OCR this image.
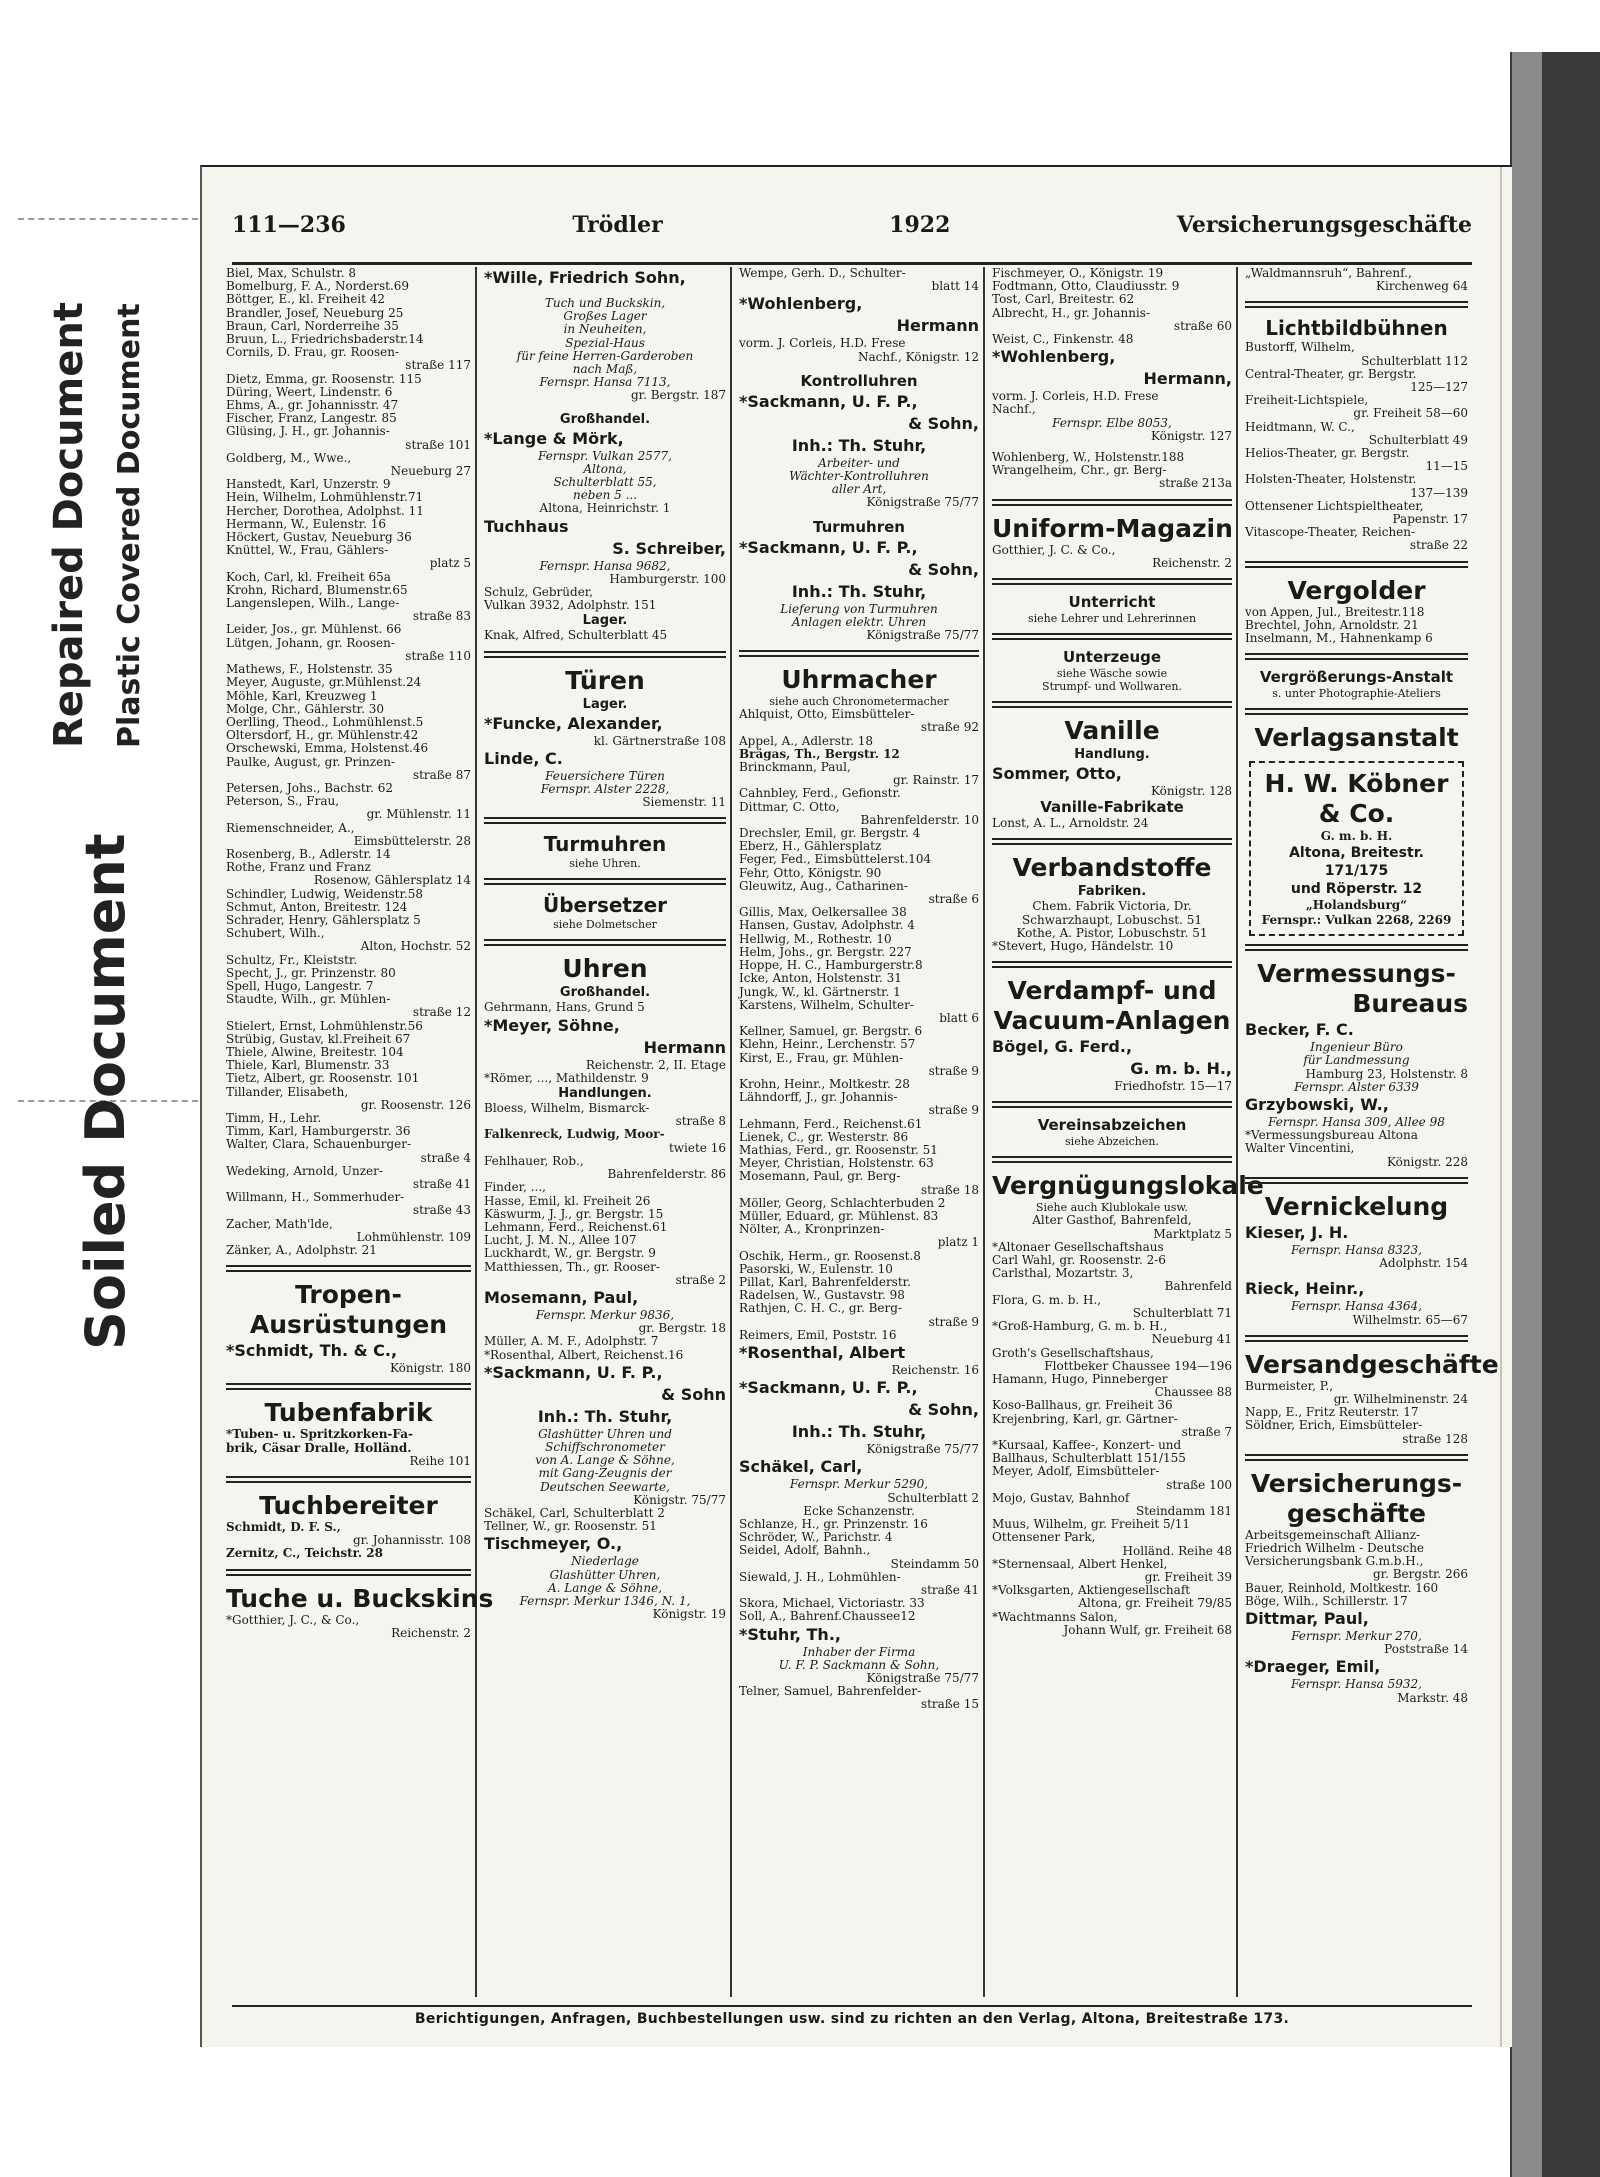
Repaired Document Plastic Covered Document
Soiled Document
111—236	Trödler	1922	Versicherungsgeschäfte
Biel, Max, Schulstr. 8
Bomelburg, F. A., Norderst.69
Böttger, E., kl. Freiheit 42
Brandler, Josef, Neueburg 25
Braun, Carl, Norderreihe 35
Bruun, L., Friedrichsbaderstr.14
Cornils, D. Frau, gr. Roosen-
straße 117
Dietz, Emma, gr. Roosenstr. 115
Düring, Weert, Lindenstr. 6
Ehms, A., gr. Johannisstr. 47
Fischer, Franz, Langestr. 85
Glüsing, J. H., gr. Johannis-
straße 101
Goldberg, M., Wwe.,
Neueburg 27
Hanstedt, Karl, Unzerstr. 9
Hein, Wilhelm, Lohmühlenstr.71
Hercher, Dorothea, Adolphst. 11
Hermann, W., Eulenstr. 16
Höckert, Gustav, Neueburg 36
Knüttel, W., Frau, Gählers-
platz 5
Koch, Carl, kl. Freiheit 65a
Krohn, Richard, Blumenstr.65
Langenslepen, Wilh., Lange-
straße 83
Leider, Jos., gr. Mühlenst. 66
Lütgen, Johann, gr. Roosen-
straße 110
Mathews, F., Holstenstr. 35
Meyer, Auguste, gr.Mühlenst.24
Möhle, Karl, Kreuzweg 1
Molge, Chr., Gählerstr. 30
Oerlling, Theod., Lohmühlenst.5
Oltersdorf, H., gr. Mühlenstr.42
Orschewski, Emma, Holstenst.46
Paulke, August, gr. Prinzen-
straße 87
Petersen, Johs., Bachstr. 62
Peterson, S., Frau,
gr. Mühlenstr. 11
Riemenschneider, A.,
Eimsbüttelerstr. 28
Rosenberg, B., Adlerstr. 14
Rothe, Franz und Franz
Rosenow, Gählersplatz 14
Schindler, Ludwig, Weidenstr.58
Schmut, Anton, Breitestr. 124
Schrader, Henry, Gählersplatz 5
Schubert, Wilh.,
Alton, Hochstr. 52
Schultz, Fr., Kleiststr.
Specht, J., gr. Prinzenstr. 80
Spell, Hugo, Langestr. 7
Staudte, Wilh., gr. Mühlen-
straße 12
Stielert, Ernst, Lohmühlenstr.56
Strübig, Gustav, kl.Freiheit 67
Thiele, Alwine, Breitestr. 104
Thiele, Karl, Blumenstr. 33
Tietz, Albert, gr. Roosenstr. 101
Tillander, Elisabeth,
gr. Roosenstr. 126
Timm, H., Lehr.
Timm, Karl, Hamburgerstr. 36
Walter, Clara, Schauenburger-
straße 4
Wedeking, Arnold, Unzer-
straße 41
Willmann, H., Sommerhuder-
straße 43
Zacher, Math'lde,
Lohmühlenstr. 109
Zänker, A., Adolphstr. 21
Tropen-
Ausrüstungen
*Schmidt, Th. & C.,
Königstr. 180
Tubenfabrik
*Tuben- u. Spritzkorken-Fa-
brik, Cäsar Dralle, Holländ.
Reihe 101
Tuchbereiter
Schmidt, D. F. S.,
gr. Johannisstr. 108
Zernitz, C., Teichstr. 28
Tuche u. Buckskins
*Gotthier, J. C., & Co.,
Reichenstr. 2
*Wille, Friedrich Sohn,
Tuch und Buckskin,
Großes Lager
in Neuheiten,
Spezial-Haus
für feine Herren-Garderoben
nach Maß,
Fernspr. Hansa 7113,
gr. Bergstr. 187
Großhandel.
*Lange & Mörk,
Fernspr. Vulkan 2577,
Altona,
Schulterblatt 55,
neben 5 ...
Altona, Heinrichstr. 1
Tuchhaus
S. Schreiber,
Fernspr. Hansa 9682,
Hamburgerstr. 100
Schulz, Gebrüder,
Vulkan 3932, Adolphstr. 151
Lager.
Knak, Alfred, Schulterblatt 45
Türen
Lager.
*Funcke, Alexander,
kl. Gärtnerstraße 108
Linde, C.
Feuersichere Türen
Fernspr. Alster 2228,
Siemenstr. 11
Turmuhren
siehe Uhren.
Übersetzer
siehe Dolmetscher
Uhren
Großhandel.
Gehrmann, Hans, Grund 5
*Meyer, Söhne,
Hermann
Reichenstr. 2, II. Etage
*Römer, ..., Mathildenstr. 9
Handlungen.
Bloess, Wilhelm, Bismarck-
straße 8
Falkenreck, Ludwig, Moor-
twiete 16
Fehlhauer, Rob.,
Bahrenfelderstr. 86
Finder, ...,
Hasse, Emil, kl. Freiheit 26
Käswurm, J. J., gr. Bergstr. 15
Lehmann, Ferd., Reichenst.61
Lucht, J. M. N., Allee 107
Luckhardt, W., gr. Bergstr. 9
Matthiessen, Th., gr. Rooser-
straße 2
Mosemann, Paul,
Fernspr. Merkur 9836,
gr. Bergstr. 18
Müller, A. M. F., Adolphstr. 7
*Rosenthal, Albert, Reichenst.16
*Sackmann, U. F. P.,
& Sohn
Inh.: Th. Stuhr,
Glashütter Uhren und
Schiffschronometer
von A. Lange & Söhne,
mit Gang-Zeugnis der
Deutschen Seewarte,
Königstr. 75/77
Schäkel, Carl, Schulterblatt 2
Tellner, W., gr. Roosenstr. 51
Tischmeyer, O.,
Niederlage
Glashütter Uhren,
A. Lange & Söhne,
Fernspr. Merkur 1346, N. 1,
Königstr. 19
Wempe, Gerh. D., Schulter-
blatt 14
*Wohlenberg,
Hermann
vorm. J. Corleis, H.D. Frese
Nachf., Königstr. 12
Kontrolluhren
*Sackmann, U. F. P.,
& Sohn,
Inh.: Th. Stuhr,
Arbeiter- und
Wächter-Kontrolluhren
aller Art,
Königstraße 75/77
Turmuhren
*Sackmann, U. F. P.,
& Sohn,
Inh.: Th. Stuhr,
Lieferung von Turmuhren
Anlagen elektr. Uhren
Königstraße 75/77
Uhrmacher
siehe auch Chronometermacher
Ahlquist, Otto, Eimsbütteler-
straße 92
Appel, A., Adlerstr. 18
Brägas, Th., Bergstr. 12
Brinckmann, Paul,
gr. Rainstr. 17
Cahnbley, Ferd., Gefionstr.
Dittmar, C. Otto,
Bahrenfelderstr. 10
Drechsler, Emil, gr. Bergstr. 4
Eberz, H., Gählersplatz
Feger, Fed., Eimsbüttelerst.104
Fehr, Otto, Königstr. 90
Gleuwitz, Aug., Catharinen-
straße 6
Gillis, Max, Oelkersallee 38
Hansen, Gustav, Adolphstr. 4
Hellwig, M., Rothestr. 10
Helm, Johs., gr. Bergstr. 227
Hoppe, H. C., Hamburgerstr.8
Icke, Anton, Holstenstr. 31
Jungk, W., kl. Gärtnerstr. 1
Karstens, Wilhelm, Schulter-
blatt 6
Kellner, Samuel, gr. Bergstr. 6
Klehn, Heinr., Lerchenstr. 57
Kirst, E., Frau, gr. Mühlen-
straße 9
Krohn, Heinr., Moltkestr. 28
Lähndorff, J., gr. Johannis-
straße 9
Lehmann, Ferd., Reichenst.61
Lienek, C., gr. Westerstr. 86
Mathias, Ferd., gr. Roosenstr. 51
Meyer, Christian, Holstenstr. 63
Mosemann, Paul, gr. Berg-
straße 18
Möller, Georg, Schlachterbuden 2
Müller, Eduard, gr. Mühlenst. 83
Nölter, A., Kronprinzen-
platz 1
Oschik, Herm., gr. Roosenst.8
Pasorski, W., Eulenstr. 10
Pillat, Karl, Bahrenfelderstr.
Radelsen, W., Gustavstr. 98
Rathjen, C. H. C., gr. Berg-
straße 9
Reimers, Emil, Poststr. 16
*Rosenthal, Albert
Reichenstr. 16
*Sackmann, U. F. P.,
& Sohn,
Inh.: Th. Stuhr,
Königstraße 75/77
Schäkel, Carl,
Fernspr. Merkur 5290,
Schulterblatt 2
Ecke Schanzenstr.
Schlanze, H., gr. Prinzenstr. 16
Schröder, W., Parichstr. 4
Seidel, Adolf, Bahnh.,
Steindamm 50
Siewald, J. H., Lohmühlen-
straße 41
Skora, Michael, Victoriastr. 33
Soll, A., Bahrenf.Chaussee12
*Stuhr, Th.,
Inhaber der Firma
U. F. P. Sackmann & Sohn,
Königstraße 75/77
Telner, Samuel, Bahrenfelder-
straße 15
Fischmeyer, O., Königstr. 19
Fodtmann, Otto, Claudiusstr. 9
Tost, Carl, Breitestr. 62
Albrecht, H., gr. Johannis-
straße 60
Weist, C., Finkenstr. 48
*Wohlenberg,
Hermann,
vorm. J. Corleis, H.D. Frese
Nachf.,
Fernspr. Elbe 8053,
Königstr. 127
Wohlenberg, W., Holstenstr.188
Wrangelheim, Chr., gr. Berg-
straße 213a
Uniform-Magazin
Gotthier, J. C. & Co.,
Reichenstr. 2
Unterricht
siehe Lehrer und Lehrerinnen
Unterzeuge
siehe Wäsche sowie
Strumpf- und Wollwaren.
Vanille
Handlung.
Sommer, Otto,
Königstr. 128
Vanille-Fabrikate
Lonst, A. L., Arnoldstr. 24
Verbandstoffe
Fabriken.
Chem. Fabrik Victoria, Dr.
Schwarzhaupt, Lobuschst. 51
Kothe, A. Pistor, Lobuschstr. 51
*Stevert, Hugo, Händelstr. 10
Verdampf- und
Vacuum-Anlagen
Bögel, G. Ferd.,
G. m. b. H.,
Friedhofstr. 15—17
Vereinsabzeichen
siehe Abzeichen.
Vergnügungslokale
Siehe auch Klublokale usw.
Alter Gasthof, Bahrenfeld,
Marktplatz 5
*Altonaer Gesellschaftshaus
Carl Wahl, gr. Roosenstr. 2-6
Carlsthal, Mozartstr. 3,
Bahrenfeld
Flora, G. m. b. H.,
Schulterblatt 71
*Groß-Hamburg, G. m. b. H.,
Neueburg 41
Groth's Gesellschaftshaus,
Flottbeker Chaussee 194—196
Hamann, Hugo, Pinneberger
Chaussee 88
Koso-Ballhaus, gr. Freiheit 36
Krejenbring, Karl, gr. Gärtner-
straße 7
*Kursaal, Kaffee-, Konzert- und
Ballhaus, Schulterblatt 151/155
Meyer, Adolf, Eimsbütteler-
straße 100
Mojo, Gustav, Bahnhof
Steindamm 181
Muus, Wilhelm, gr. Freiheit 5/11
Ottensener Park,
Holländ. Reihe 48
*Sternensaal, Albert Henkel,
gr. Freiheit 39
*Volksgarten, Aktiengesellschaft
Altona, gr. Freiheit 79/85
*Wachtmanns Salon,
Johann Wulf, gr. Freiheit 68
„Waldmannsruh“, Bahrenf.,
Kirchenweg 64
Lichtbildbühnen
Bustorff, Wilhelm,
Schulterblatt 112
Central-Theater, gr. Bergstr.
125—127
Freiheit-Lichtspiele,
gr. Freiheit 58—60
Heidtmann, W. C.,
Schulterblatt 49
Helios-Theater, gr. Bergstr.
11—15
Holsten-Theater, Holstenstr.
137—139
Ottensener Lichtspieltheater,
Papenstr. 17
Vitascope-Theater, Reichen-
straße 22
Vergolder
von Appen, Jul., Breitestr.118
Brechtel, John, Arnoldstr. 21
Inselmann, M., Hahnenkamp 6
Vergrößerungs-Anstalt
s. unter Photographie-Ateliers
Verlagsanstalt
H. W. Köbner & Co.
G. m. b. H.
Altona, Breitestr. 171/175
und Röperstr. 12
„Holandsburg“
Fernspr.: Vulkan 2268, 2269
Vermessungs-
Bureaus
Becker, F. C.
Ingenieur Büro
für Landmessung
Hamburg 23, Holstenstr. 8
Fernspr. Alster 6339
Grzybowski, W.,
Fernspr. Hansa 309, Allee 98
*Vermessungsbureau Altona
Walter Vincentini,
Königstr. 228
Vernickelung
Kieser, J. H.
Fernspr. Hansa 8323,
Adolphstr. 154
Rieck, Heinr.,
Fernspr. Hansa 4364,
Wilhelmstr. 65—67
Versandgeschäfte
Burmeister, P.,
gr. Wilhelminenstr. 24
Napp, E., Fritz Reuterstr. 17
Söldner, Erich, Eimsbütteler-
straße 128
Versicherungs-
geschäfte
Arbeitsgemeinschaft Allianz-
Friedrich Wilhelm - Deutsche
Versicherungsbank G.m.b.H.,
gr. Bergstr. 266
Bauer, Reinhold, Moltkestr. 160
Böge, Wilh., Schillerstr. 17
Dittmar, Paul,
Fernspr. Merkur 270,
Poststraße 14
*Draeger, Emil,
Fernspr. Hansa 5932,
Markstr. 48
Berichtigungen, Anfragen, Buchbestellungen usw. sind zu richten an den Verlag, Altona, Breitestraße 173.
